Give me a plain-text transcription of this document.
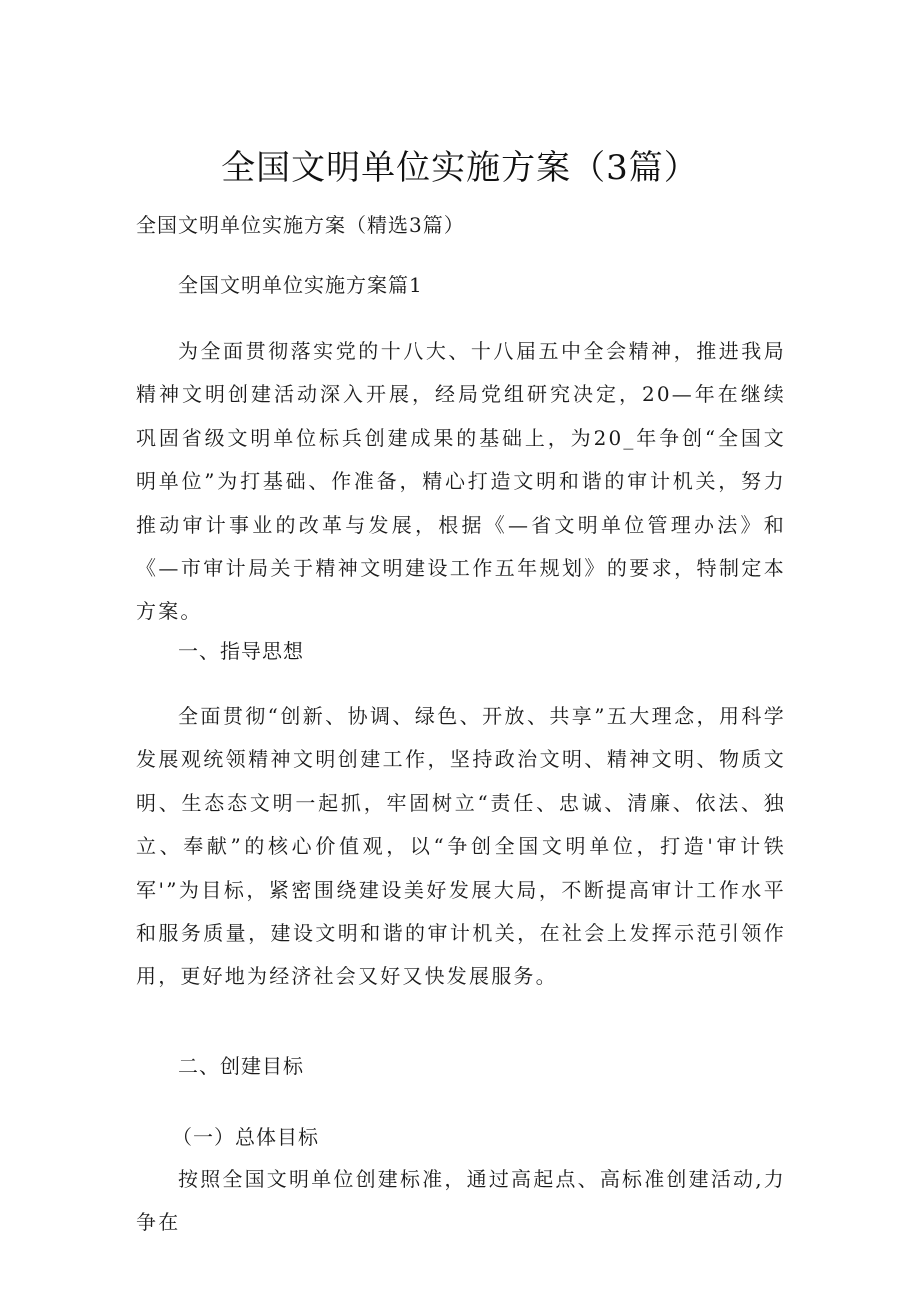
全国文明单位实施方案（3篇）

全国文明单位实施方案（精选3篇）

全国文明单位实施方案篇1

为全面贯彻落实党的十八大、十八届五中全会精神，推进我局精神文明创建活动深入开展，经局党组研究决定，20—年在继续巩固省级文明单位标兵创建成果的基础上，为20_年争创“全国文明单位”为打基础、作准备，精心打造文明和谐的审计机关，努力推动审计事业的改革与发展，根据《—省文明单位管理办法》和《—市审计局关于精神文明建设工作五年规划》的要求，特制定本方案。

一、指导思想

全面贯彻“创新、协调、绿色、开放、共享”五大理念，用科学发展观统领精神文明创建工作，坚持政治文明、精神文明、物质文明、生态态文明一起抓，牢固树立“责任、忠诚、清廉、依法、独立、奉献”的核心价值观，以“争创全国文明单位，打造'审计铁军'”为目标，紧密围绕建设美好发展大局，不断提高审计工作水平和服务质量，建设文明和谐的审计机关，在社会上发挥示范引领作用，更好地为经济社会又好又快发展服务。

二、创建目标

（一）总体目标

按照全国文明单位创建标准，通过高起点、高标准创建活动,力争在
